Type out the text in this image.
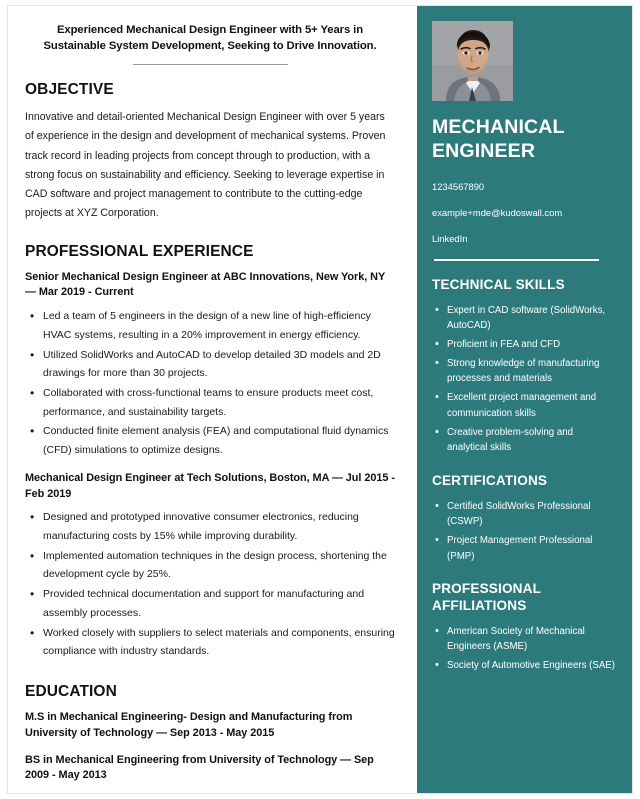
Experienced Mechanical Design Engineer with 5+ Years in Sustainable System Development, Seeking to Drive Innovation.
OBJECTIVE
Innovative and detail-oriented Mechanical Design Engineer with over 5 years of experience in the design and development of mechanical systems. Proven track record in leading projects from concept through to production, with a strong focus on sustainability and efficiency. Seeking to leverage expertise in CAD software and project management to contribute to the cutting-edge projects at XYZ Corporation.
PROFESSIONAL EXPERIENCE
Senior Mechanical Design Engineer at ABC Innovations, New York, NY — Mar 2019 - Current
• Led a team of 5 engineers in the design of a new line of high-efficiency HVAC systems, resulting in a 20% improvement in energy efficiency.
• Utilized SolidWorks and AutoCAD to develop detailed 3D models and 2D drawings for more than 30 projects.
• Collaborated with cross-functional teams to ensure products meet cost, performance, and sustainability targets.
• Conducted finite element analysis (FEA) and computational fluid dynamics (CFD) simulations to optimize designs.
Mechanical Design Engineer at Tech Solutions, Boston, MA — Jul 2015 - Feb 2019
• Designed and prototyped innovative consumer electronics, reducing manufacturing costs by 15% while improving durability.
• Implemented automation techniques in the design process, shortening the development cycle by 25%.
• Provided technical documentation and support for manufacturing and assembly processes.
• Worked closely with suppliers to select materials and components, ensuring compliance with industry standards.
EDUCATION
M.S in Mechanical Engineering- Design and Manufacturing from University of Technology — Sep 2013 - May 2015
BS in Mechanical Engineering from University of Technology — Sep 2009 - May 2013
MECHANICAL ENGINEER
1234567890
example+mde@kudoswall.com
LinkedIn
TECHNICAL SKILLS
• Expert in CAD software (SolidWorks, AutoCAD)
• Proficient in FEA and CFD
• Strong knowledge of manufacturing processes and materials
• Excellent project management and communication skills
• Creative problem-solving and analytical skills
CERTIFICATIONS
• Certified SolidWorks Professional (CSWP)
• Project Management Professional (PMP)
PROFESSIONAL AFFILIATIONS
• American Society of Mechanical Engineers (ASME)
• Society of Automotive Engineers (SAE)
